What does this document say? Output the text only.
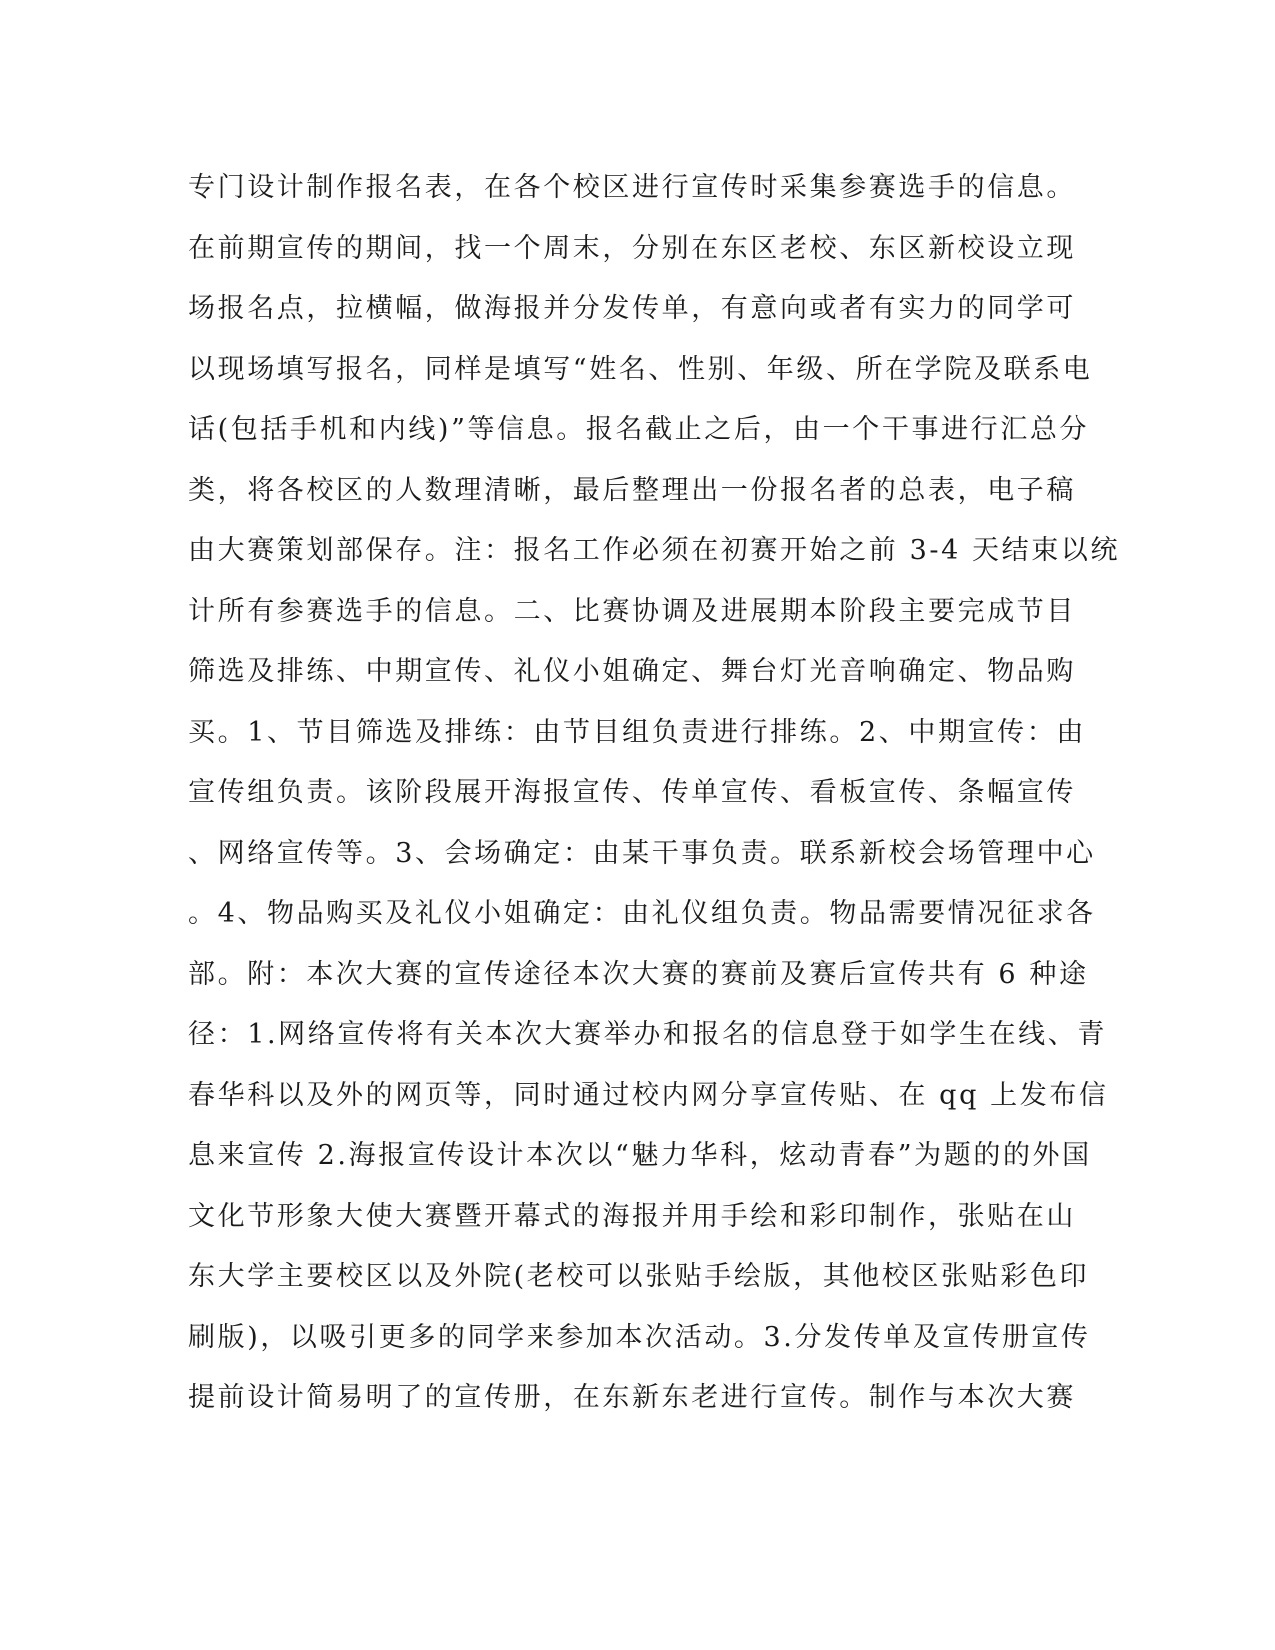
专门设计制作报名表，在各个校区进行宣传时采集参赛选手的信息。
在前期宣传的期间，找一个周末，分别在东区老校、东区新校设立现
场报名点，拉横幅，做海报并分发传单，有意向或者有实力的同学可
以现场填写报名，同样是填写“姓名、性别、年级、所在学院及联系电
话(包括手机和内线)”等信息。报名截止之后，由一个干事进行汇总分
类，将各校区的人数理清晰，最后整理出一份报名者的总表，电子稿
由大赛策划部保存。注：报名工作必须在初赛开始之前 3-4 天结束以统
计所有参赛选手的信息。二、比赛协调及进展期本阶段主要完成节目
筛选及排练、中期宣传、礼仪小姐确定、舞台灯光音响确定、物品购
买。1、节目筛选及排练：由节目组负责进行排练。2、中期宣传：由
宣传组负责。该阶段展开海报宣传、传单宣传、看板宣传、条幅宣传
、网络宣传等。3、会场确定：由某干事负责。联系新校会场管理中心
。4、物品购买及礼仪小姐确定：由礼仪组负责。物品需要情况征求各
部。附：本次大赛的宣传途径本次大赛的赛前及赛后宣传共有 6 种途
径：1.网络宣传将有关本次大赛举办和报名的信息登于如学生在线、青
春华科以及外的网页等，同时通过校内网分享宣传贴、在 qq 上发布信
息来宣传 2.海报宣传设计本次以“魅力华科，炫动青春”为题的的外国
文化节形象大使大赛暨开幕式的海报并用手绘和彩印制作，张贴在山
东大学主要校区以及外院(老校可以张贴手绘版，其他校区张贴彩色印
刷版)，以吸引更多的同学来参加本次活动。3.分发传单及宣传册宣传
提前设计简易明了的宣传册，在东新东老进行宣传。制作与本次大赛
